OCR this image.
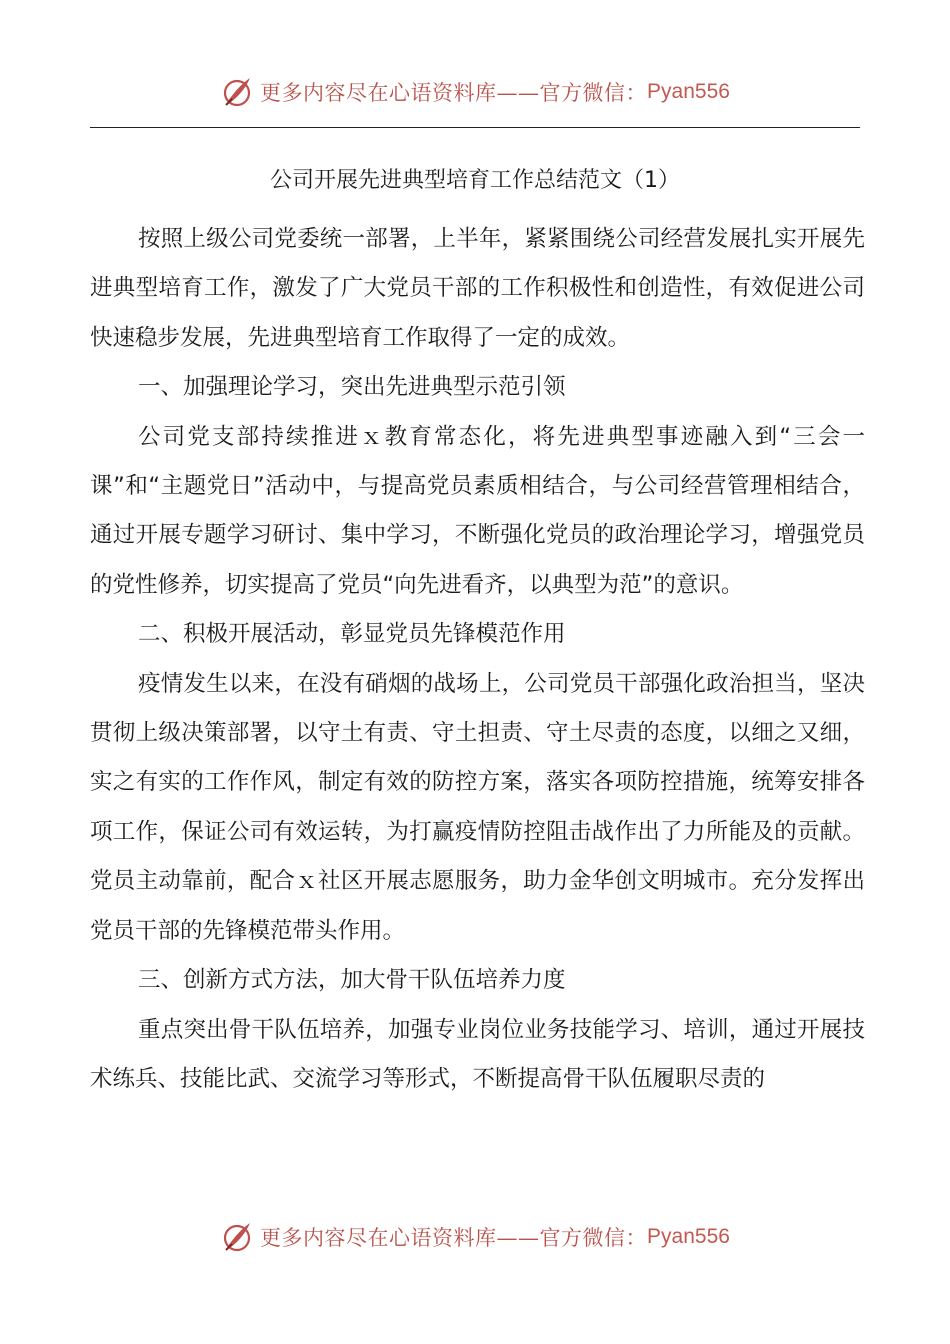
更多内容尽在心语资料库——官方微信： Pyan556
公司开展先进典型培育工作总结范文（1）

按照上级公司党委统一部署，上半年，紧紧围绕公司经营发展扎实开展先进典型培育工作，激发了广大党员干部的工作积极性和创造性，有效促进公司快速稳步发展，先进典型培育工作取得了一定的成效。

一、加强理论学习，突出先进典型示范引领

公司党支部持续推进ｘ教育常态化，将先进典型事迹融入到“三会一课”和“主题党日”活动中，与提高党员素质相结合，与公司经营管理相结合，通过开展专题学习研讨、集中学习，不断强化党员的政治理论学习，增强党员的党性修养，切实提高了党员“向先进看齐，以典型为范”的意识。

二、积极开展活动，彰显党员先锋模范作用

疫情发生以来，在没有硝烟的战场上，公司党员干部强化政治担当，坚决贯彻上级决策部署，以守土有责、守土担责、守土尽责的态度，以细之又细，实之有实的工作作风，制定有效的防控方案，落实各项防控措施，统筹安排各项工作，保证公司有效运转，为打赢疫情防控阻击战作出了力所能及的贡献。党员主动靠前，配合ｘ社区开展志愿服务，助力金华创文明城市。充分发挥出党员干部的先锋模范带头作用。

三、创新方式方法，加大骨干队伍培养力度

重点突出骨干队伍培养，加强专业岗位业务技能学习、培训，通过开展技术练兵、技能比武、交流学习等形式，不断提高骨干队伍履职尽责的

更多内容尽在心语资料库——官方微信： Pyan556
